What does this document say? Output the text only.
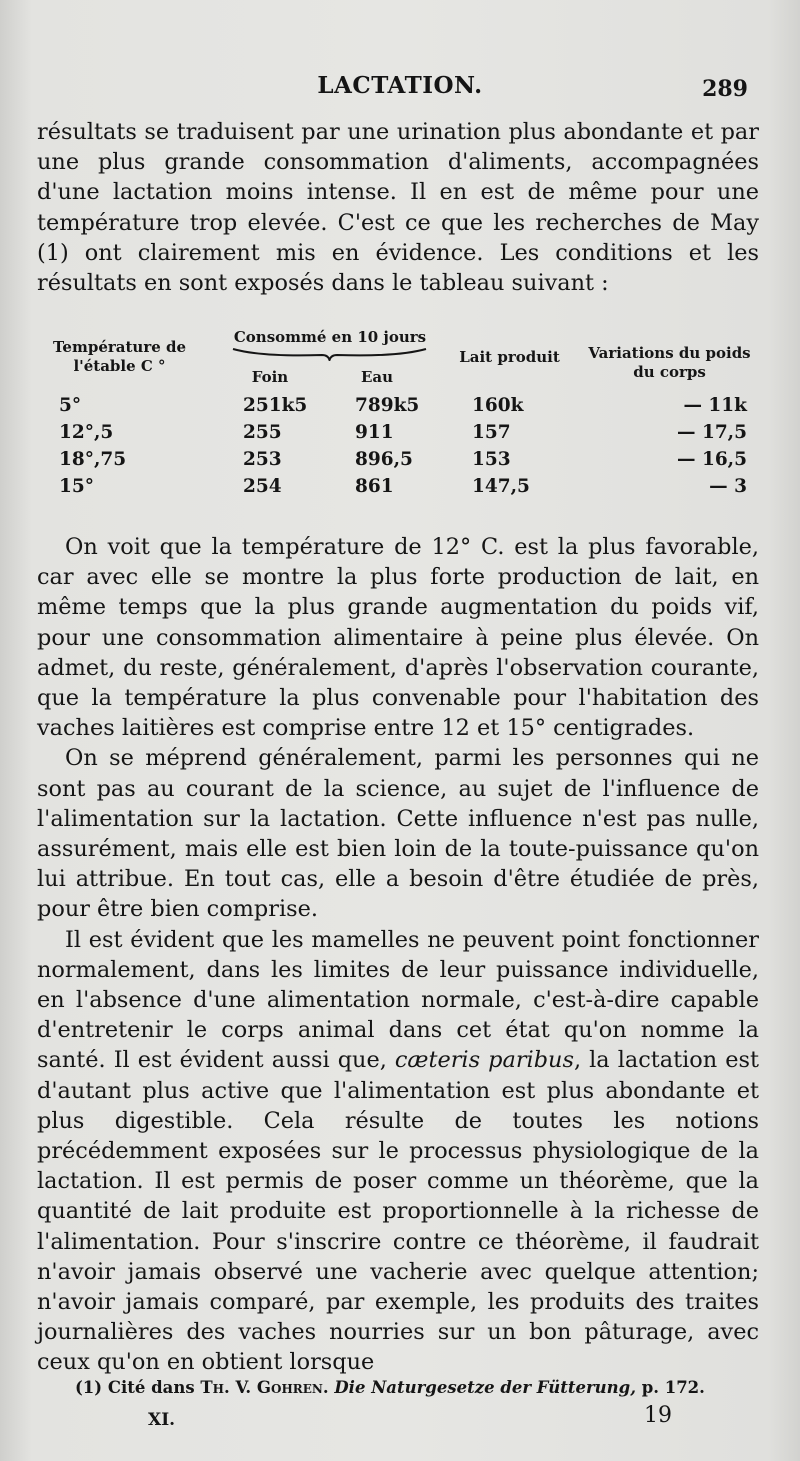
LACTATION.	289

résultats se traduisent par une urination plus abondante et par une plus grande consommation d'aliments, accompagnées d'une lactation moins intense. Il en est de même pour une température trop elevée. C'est ce que les recherches de May (1) ont clairement mis en évidence. Les conditions et les résultats en sont exposés dans le tableau suivant :

Température de l'étable C °
Consommé en 10 jours
Foin	Eau
Lait produit	Variations du poids du corps
5°	251k5	789k5	160k	— 11k
12°,5	255	911	157	— 17,5
18°,75	253	896,5	153	— 16,5
15°	254	861	147,5	— 3

On voit que la température de 12° C. est la plus favorable, car avec elle se montre la plus forte production de lait, en même temps que la plus grande augmentation du poids vif, pour une consommation alimentaire à peine plus élevée. On admet, du reste, généralement, d'après l'observation courante, que la température la plus convenable pour l'habitation des vaches laitières est comprise entre 12 et 15° centigrades.

On se méprend généralement, parmi les personnes qui ne sont pas au courant de la science, au sujet de l'influence de l'alimentation sur la lactation. Cette influence n'est pas nulle, assurément, mais elle est bien loin de la toute-puissance qu'on lui attribue. En tout cas, elle a besoin d'être étudiée de près, pour être bien comprise.

Il est évident que les mamelles ne peuvent point fonctionner normalement, dans les limites de leur puissance individuelle, en l'absence d'une alimentation normale, c'est-à-dire capable d'entretenir le corps animal dans cet état qu'on nomme la santé. Il est évident aussi que, cæteris paribus, la lactation est d'autant plus active que l'alimentation est plus abondante et plus digestible. Cela résulte de toutes les notions précédemment exposées sur le processus physiologique de la lactation. Il est permis de poser comme un théorème, que la quantité de lait produite est proportionnelle à la richesse de l'alimentation. Pour s'inscrire contre ce théorème, il faudrait n'avoir jamais observé une vacherie avec quelque attention; n'avoir jamais comparé, par exemple, les produits des traites journalières des vaches nourries sur un bon pâturage, avec ceux qu'on en obtient lorsque

(1) Cité dans Th. V. Gohren. Die Naturgesetze der Fütterung, p. 172.
XI.	19
